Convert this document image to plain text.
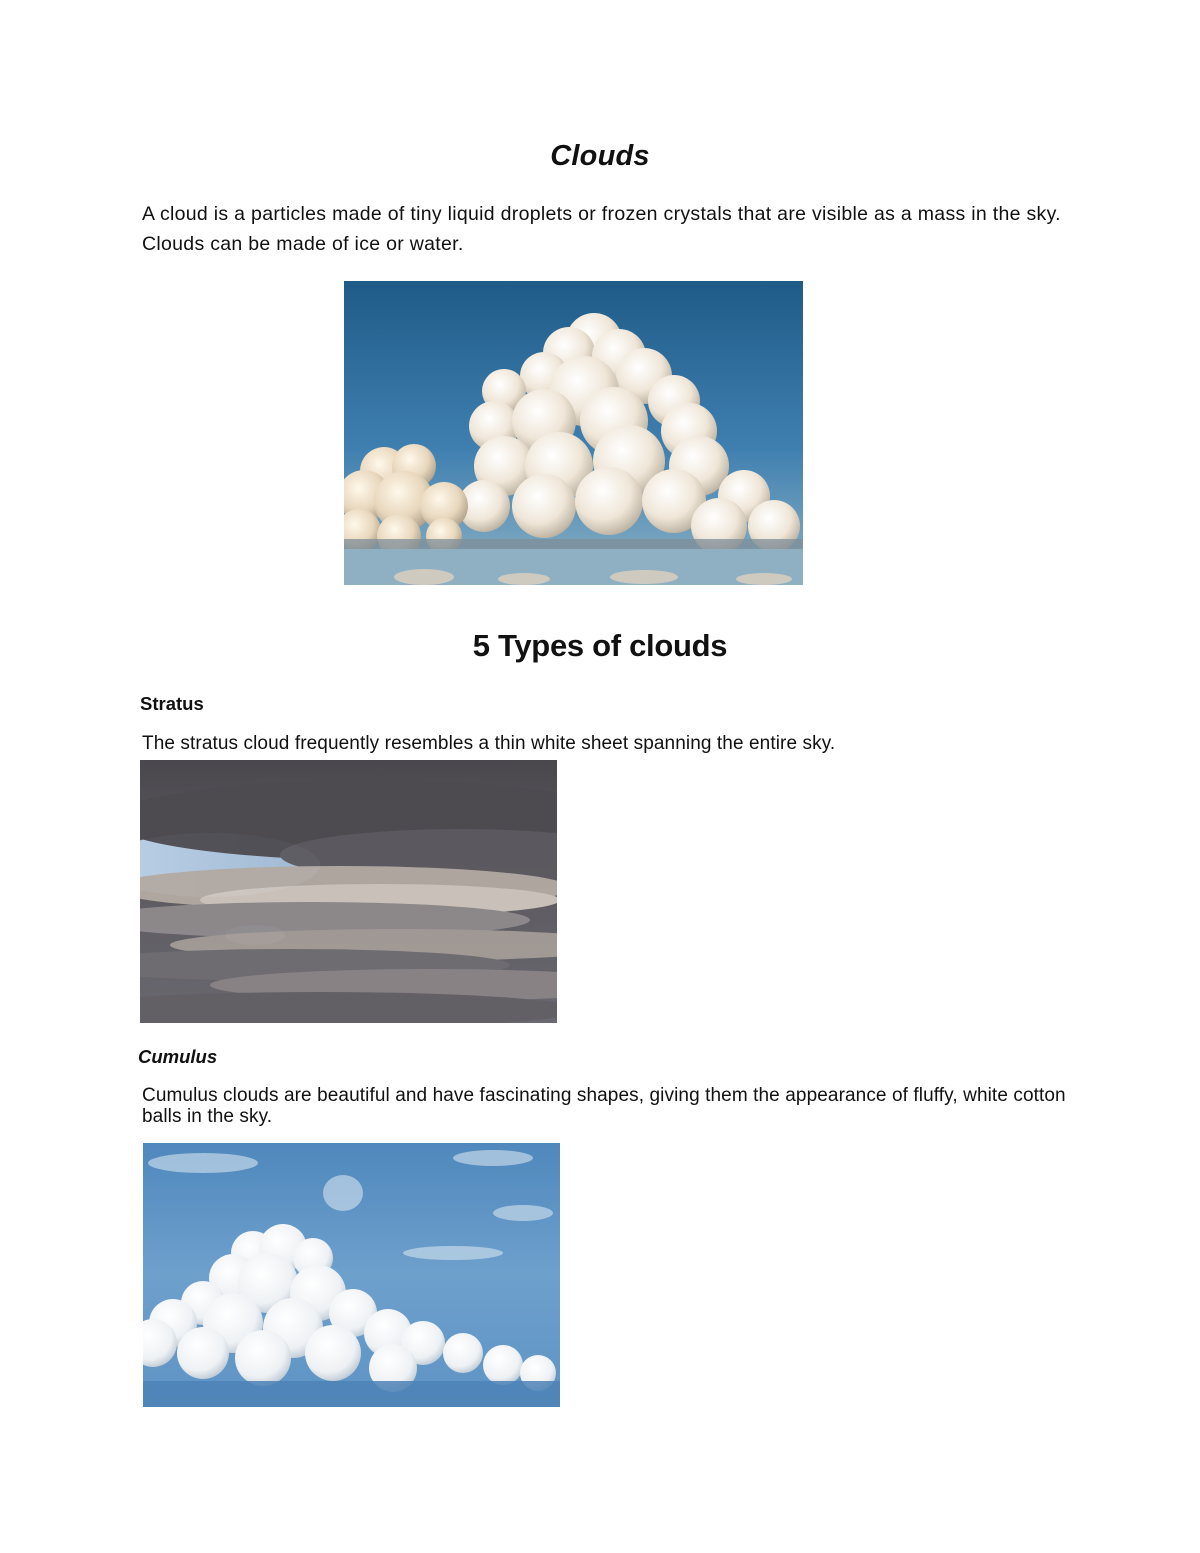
Clouds
A cloud is a particles made of tiny liquid droplets or frozen crystals that are visible as a mass in the sky. Clouds can be made of ice or water.
5 Types of clouds
Stratus
The stratus cloud frequently resembles a thin white sheet spanning the entire sky.
Cumulus
Cumulus clouds are beautiful and have fascinating shapes, giving them the appearance of fluffy, white cotton balls in the sky.
